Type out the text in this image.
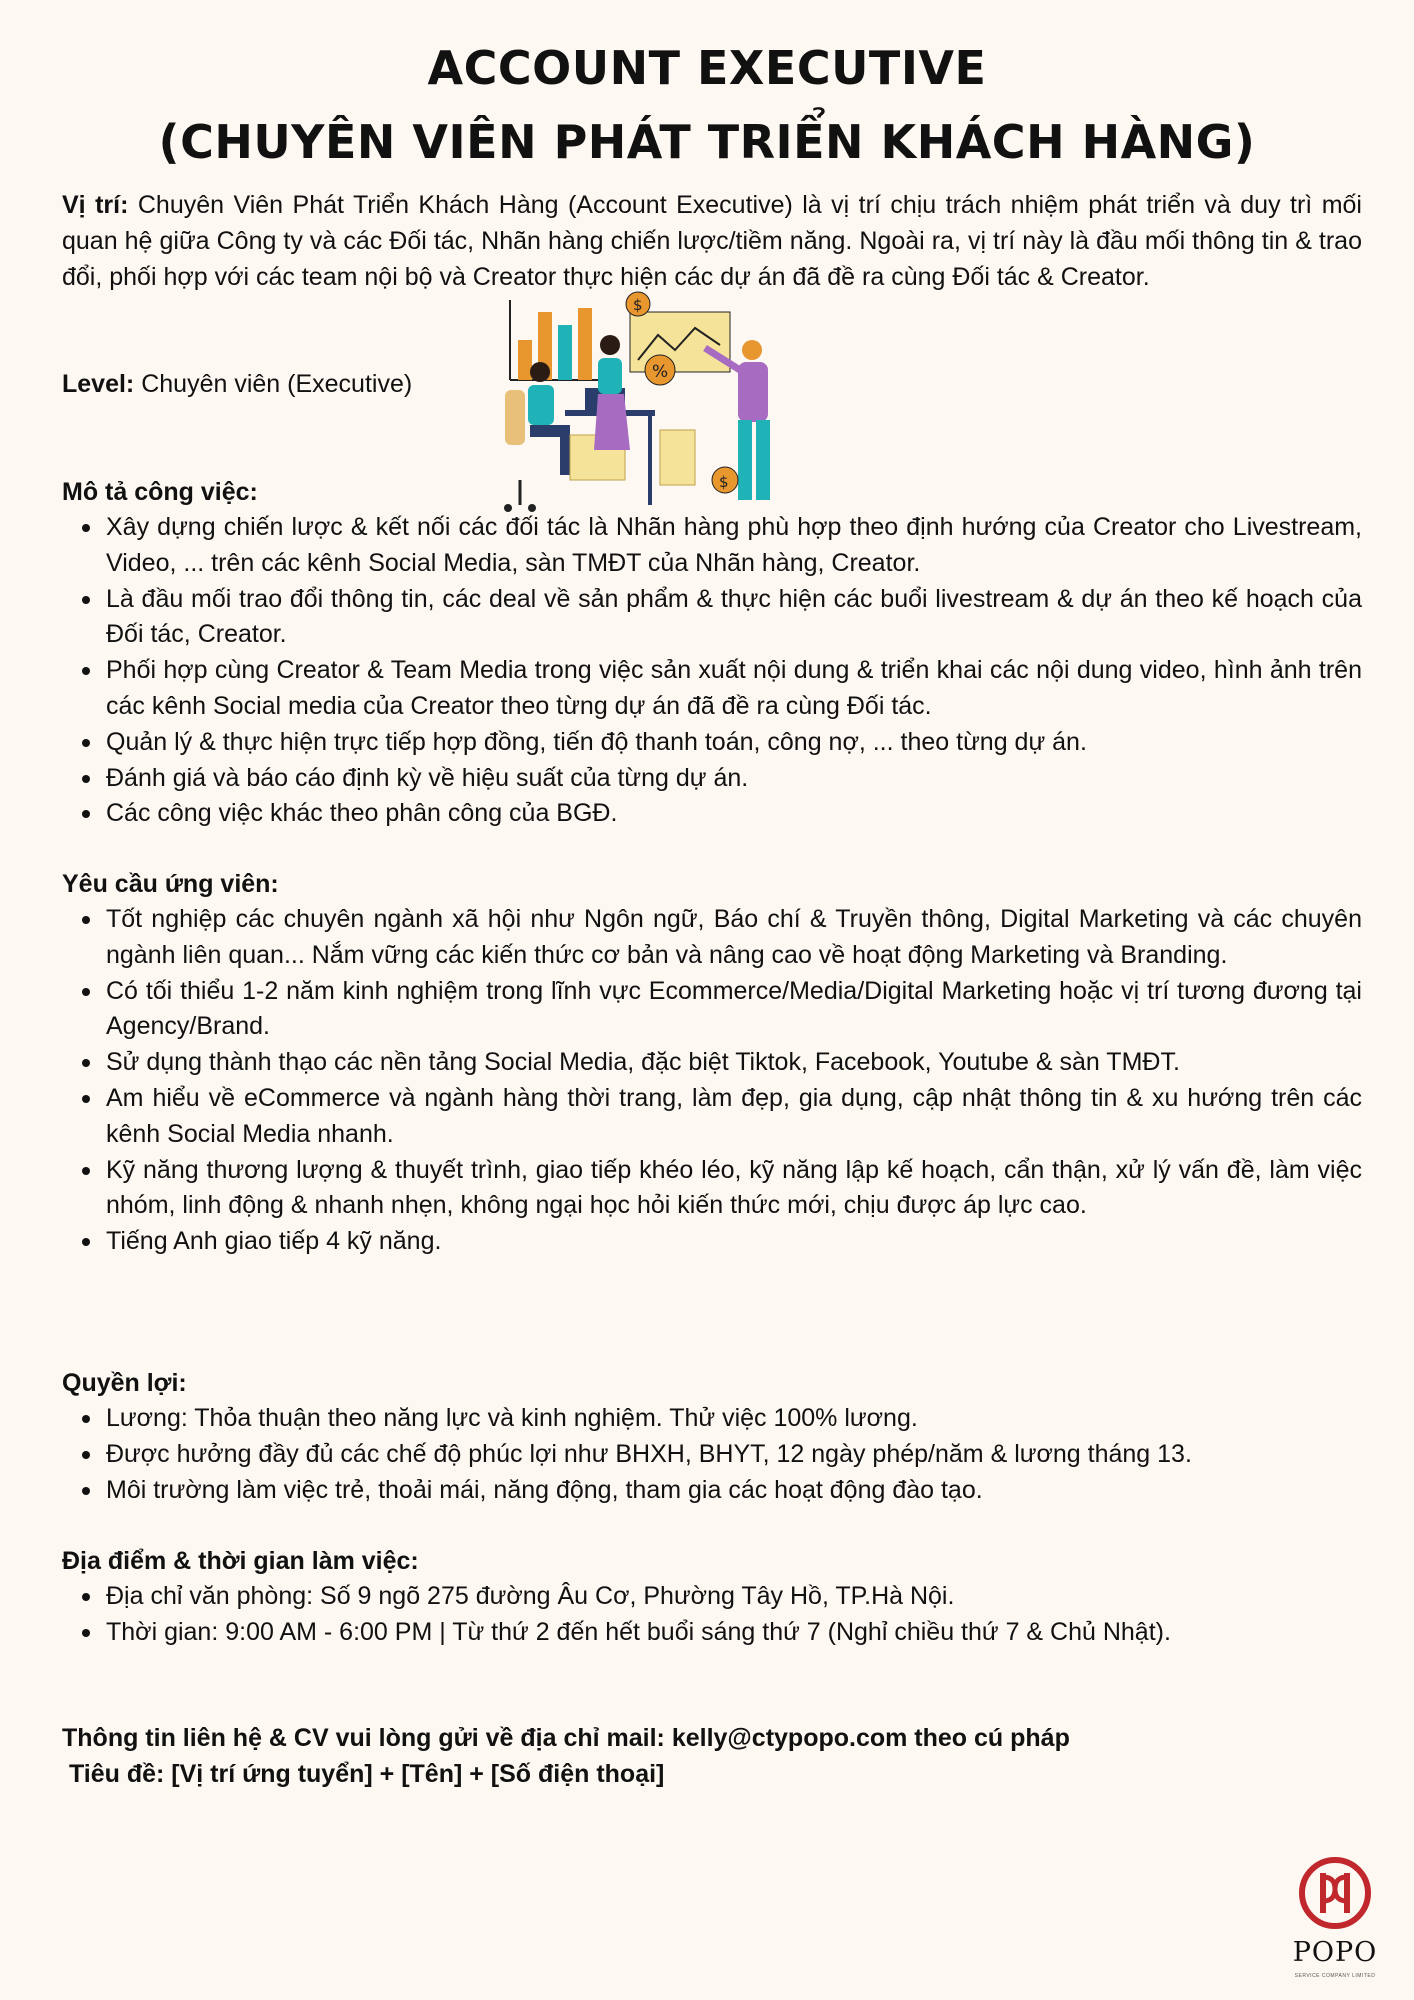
ACCOUNT EXECUTIVE
(CHUYÊN VIÊN PHÁT TRIỂN KHÁCH HÀNG)
Vị trí: Chuyên Viên Phát Triển Khách Hàng (Account Executive) là vị trí chịu trách nhiệm phát triển và duy trì mối quan hệ giữa Công ty và các Đối tác, Nhãn hàng chiến lược/tiềm năng. Ngoài ra, vị trí này là đầu mối thông tin & trao đổi, phối hợp với các team nội bộ và Creator thực hiện các dự án đã đề ra cùng Đối tác & Creator.
Level: Chuyên viên (Executive)
$
%
$
Mô tả công việc:
Xây dựng chiến lược & kết nối các đối tác là Nhãn hàng phù hợp theo định hướng của Creator cho Livestream, Video, ... trên các kênh Social Media, sàn TMĐT của Nhãn hàng, Creator.
Là đầu mối trao đổi thông tin, các deal về sản phẩm & thực hiện các buổi livestream & dự án theo kế hoạch của Đối tác, Creator.
Phối hợp cùng Creator & Team Media trong việc sản xuất nội dung & triển khai các nội dung video, hình ảnh trên các kênh Social media của Creator theo từng dự án đã đề ra cùng Đối tác.
Quản lý & thực hiện trực tiếp hợp đồng, tiến độ thanh toán, công nợ, ... theo từng dự án.
Đánh giá và báo cáo định kỳ về hiệu suất của từng dự án.
Các công việc khác theo phân công của BGĐ.
Yêu cầu ứng viên:
Tốt nghiệp các chuyên ngành xã hội như Ngôn ngữ, Báo chí & Truyền thông, Digital Marketing và các chuyên ngành liên quan... Nắm vững các kiến thức cơ bản và nâng cao về hoạt động Marketing và Branding.
Có tối thiểu 1-2 năm kinh nghiệm trong lĩnh vực Ecommerce/Media/Digital Marketing hoặc vị trí tương đương tại Agency/Brand.
Sử dụng thành thạo các nền tảng Social Media, đặc biệt Tiktok, Facebook, Youtube & sàn TMĐT.
Am hiểu về eCommerce và ngành hàng thời trang, làm đẹp, gia dụng, cập nhật thông tin & xu hướng trên các kênh Social Media nhanh.
Kỹ năng thương lượng & thuyết trình, giao tiếp khéo léo, kỹ năng lập kế hoạch, cẩn thận, xử lý vấn đề, làm việc nhóm, linh động & nhanh nhẹn, không ngại học hỏi kiến thức mới, chịu được áp lực cao.
Tiếng Anh giao tiếp 4 kỹ năng.
Quyền lợi:
Lương: Thỏa thuận theo năng lực và kinh nghiệm. Thử việc 100% lương.
Được hưởng đầy đủ các chế độ phúc lợi như BHXH, BHYT, 12 ngày phép/năm & lương tháng 13.
Môi trường làm việc trẻ, thoải mái, năng động, tham gia các hoạt động đào tạo.
Địa điểm & thời gian làm việc:
Địa chỉ văn phòng: Số 9 ngõ 275 đường Âu Cơ, Phường Tây Hồ, TP.Hà Nội.
Thời gian: 9:00 AM - 6:00 PM | Từ thứ 2 đến hết buổi sáng thứ 7 (Nghỉ chiều thứ 7 & Chủ Nhật).
Thông tin liên hệ & CV vui lòng gửi về địa chỉ mail: kelly@ctypopo.com theo cú pháp
Tiêu đề: [Vị trí ứng tuyển] + [Tên] + [Số điện thoại]
POPO
SERVICE COMPANY LIMITED
